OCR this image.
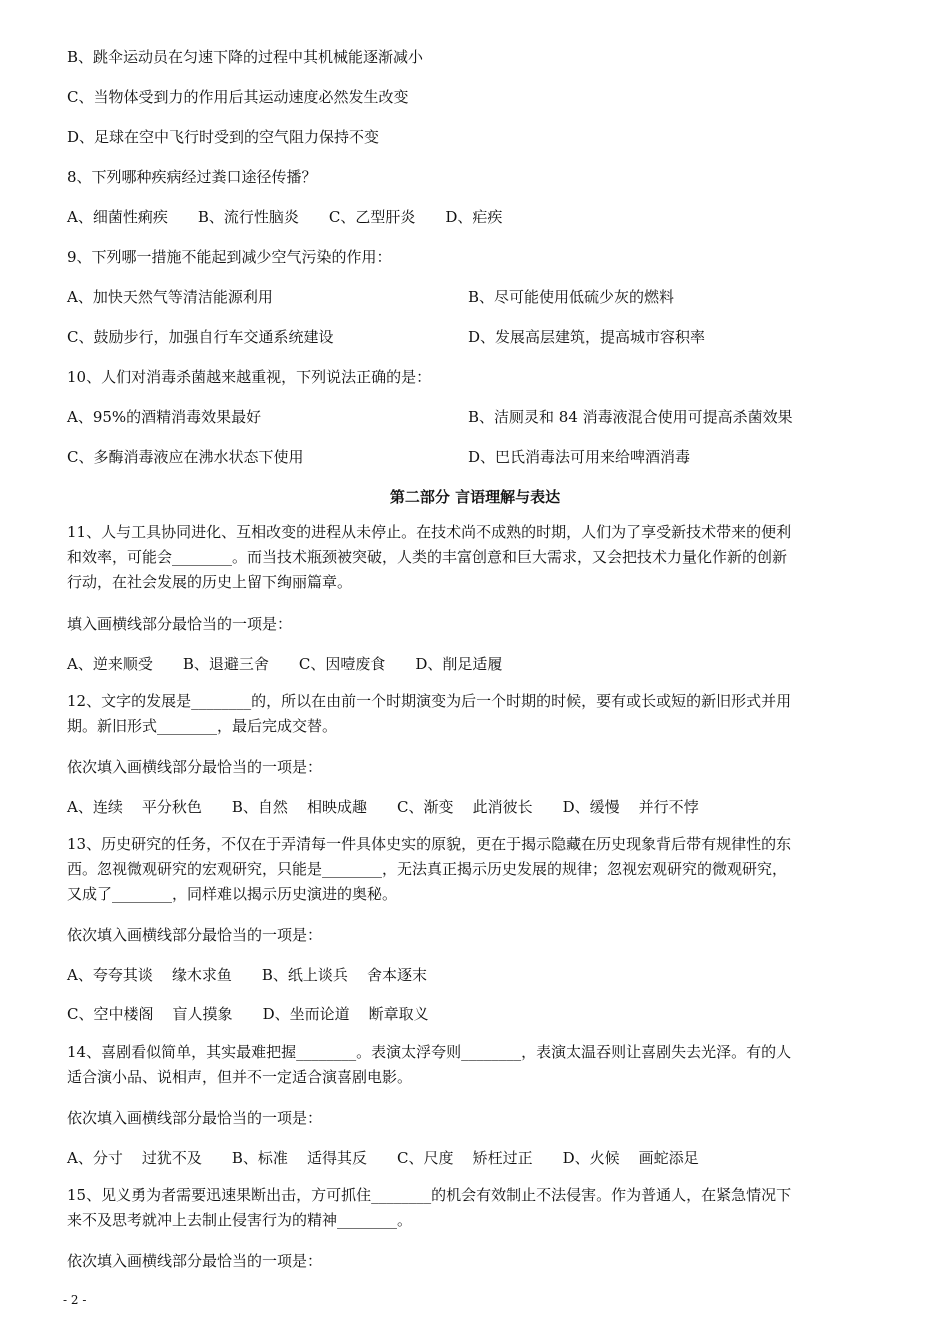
B、跳伞运动员在匀速下降的过程中其机械能逐渐减小
C、当物体受到力的作用后其运动速度必然发生改变
D、足球在空中飞行时受到的空气阻力保持不变
8、下列哪种疾病经过粪口途径传播？
A、细菌性痢疾 B、流行性脑炎 C、乙型肝炎 D、疟疾
9、下列哪一措施不能起到减少空气污染的作用：
A、加快天然气等清洁能源利用	B、尽可能使用低硫少灰的燃料
C、鼓励步行，加强自行车交通系统建设	D、发展高层建筑，提高城市容积率
10、人们对消毒杀菌越来越重视，下列说法正确的是：
A、95%的酒精消毒效果最好	B、洁厕灵和 84 消毒液混合使用可提高杀菌效果
C、多酶消毒液应在沸水状态下使用	D、巴氏消毒法可用来给啤酒消毒
第二部分 言语理解与表达
11、人与工具协同进化、互相改变的进程从未停止。在技术尚不成熟的时期，人们为了享受新技术带来的便利
和效率，可能会________。而当技术瓶颈被突破，人类的丰富创意和巨大需求，又会把技术力量化作新的创新
行动，在社会发展的历史上留下绚丽篇章。
填入画横线部分最恰当的一项是：
A、逆来顺受 B、退避三舍 C、因噎废食 D、削足适履
12、文字的发展是________的，所以在由前一个时期演变为后一个时期的时候，要有或长或短的新旧形式并用
期。新旧形式________，最后完成交替。
依次填入画横线部分最恰当的一项是：
A、连续    平分秋色 B、自然    相映成趣 C、渐变    此消彼长 D、缓慢    并行不悖
13、历史研究的任务，不仅在于弄清每一件具体史实的原貌，更在于揭示隐藏在历史现象背后带有规律性的东
西。忽视微观研究的宏观研究，只能是________，无法真正揭示历史发展的规律；忽视宏观研究的微观研究，
又成了________，同样难以揭示历史演进的奥秘。
依次填入画横线部分最恰当的一项是：
A、夸夸其谈    缘木求鱼 B、纸上谈兵    舍本逐末
C、空中楼阁    盲人摸象 D、坐而论道    断章取义
14、喜剧看似简单，其实最难把握________。表演太浮夸则________，表演太温吞则让喜剧失去光泽。有的人
适合演小品、说相声，但并不一定适合演喜剧电影。
依次填入画横线部分最恰当的一项是：
A、分寸    过犹不及 B、标准    适得其反 C、尺度    矫枉过正 D、火候    画蛇添足
15、见义勇为者需要迅速果断出击，方可抓住________的机会有效制止不法侵害。作为普通人，在紧急情况下
来不及思考就冲上去制止侵害行为的精神________。
依次填入画横线部分最恰当的一项是：
- 2 -
